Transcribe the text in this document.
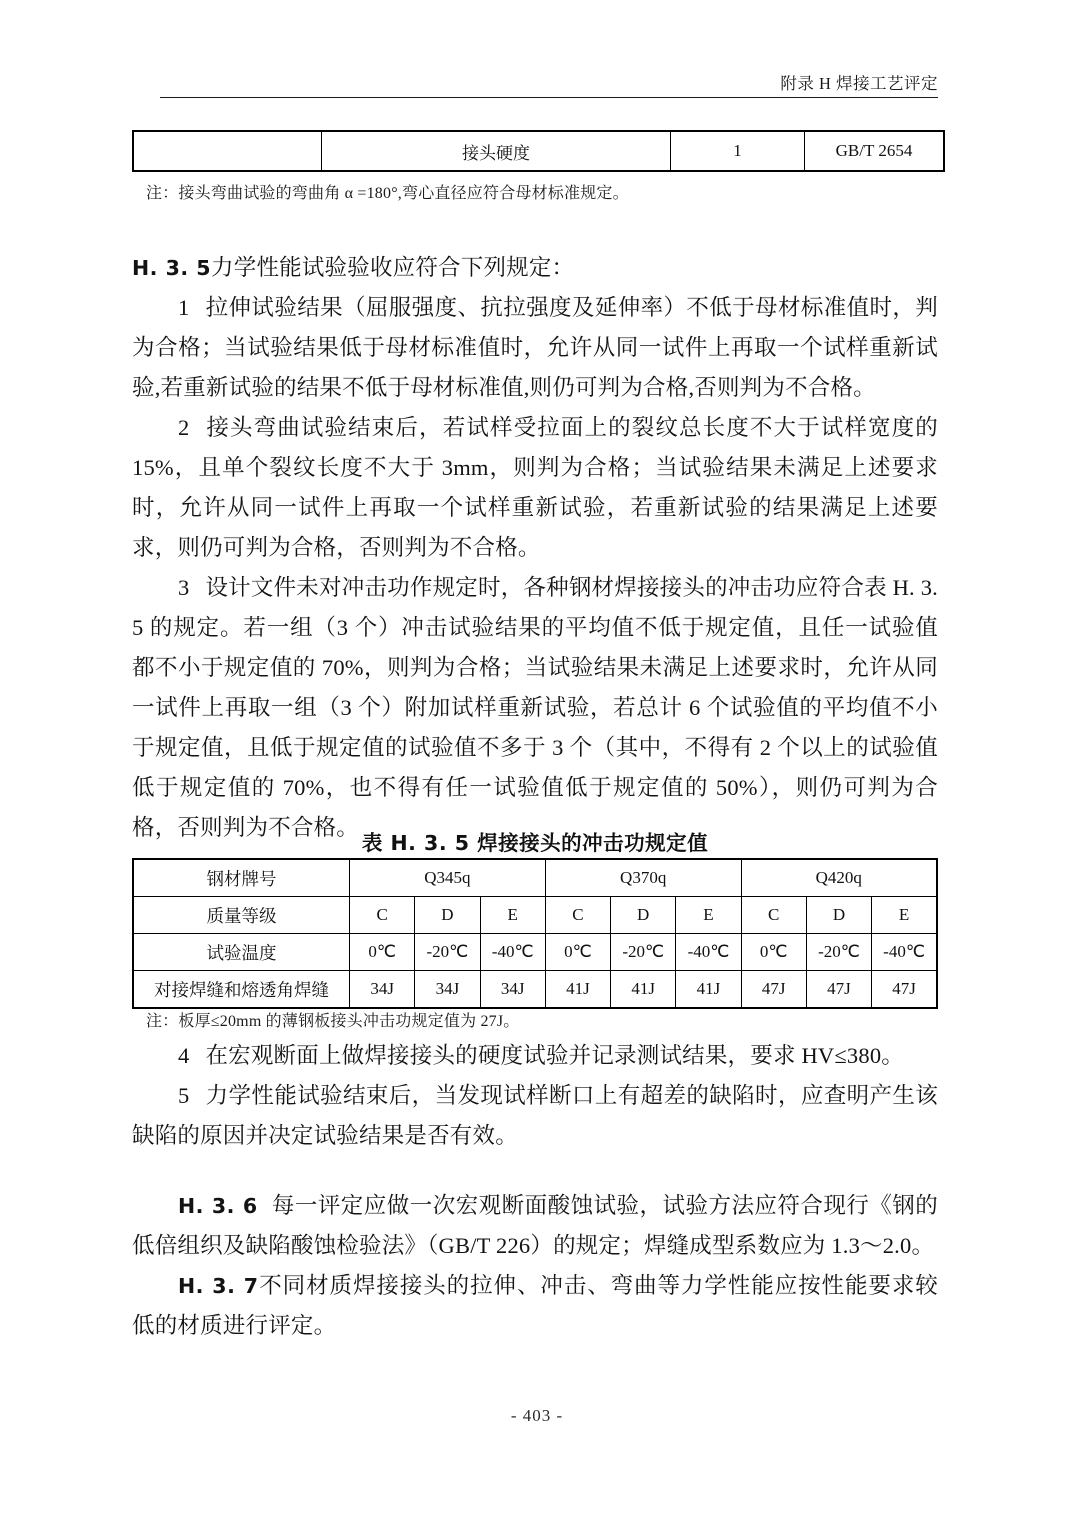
附录 H 焊接工艺评定
	接头硬度	1	GB/T 2654
注：接头弯曲试验的弯曲角 α =180°,弯心直径应符合母材标准规定。
H. 3. 5力学性能试验验收应符合下列规定：
1 拉伸试验结果（屈服强度、抗拉强度及延伸率）不低于母材标准值时，判为合格；当试验结果低于母材标准值时，允许从同一试件上再取一个试样重新试验,若重新试验的结果不低于母材标准值,则仍可判为合格,否则判为不合格。
2 接头弯曲试验结束后，若试样受拉面上的裂纹总长度不大于试样宽度的 15%，且单个裂纹长度不大于 3mm，则判为合格；当试验结果未满足上述要求时，允许从同一试件上再取一个试样重新试验，若重新试验的结果满足上述要求，则仍可判为合格，否则判为不合格。
3 设计文件未对冲击功作规定时，各种钢材焊接接头的冲击功应符合表 H. 3. 5 的规定。若一组（3 个）冲击试验结果的平均值不低于规定值，且任一试验值都不小于规定值的 70%，则判为合格；当试验结果未满足上述要求时，允许从同一试件上再取一组（3 个）附加试样重新试验，若总计 6 个试验值的平均值不小于规定值，且低于规定值的试验值不多于 3 个（其中，不得有 2 个以上的试验值低于规定值的 70%，也不得有任一试验值低于规定值的 50%），则仍可判为合格，否则判为不合格。
表 H. 3. 5 焊接接头的冲击功规定值
钢材牌号	Q345q			Q370q			Q420q		
质量等级	C	D	E	C	D	E	C	D	E
试验温度	0℃	-20℃	-40℃	0℃	-20℃	-40℃	0℃	-20℃	-40℃
对接焊缝和熔透角焊缝	34J	34J	34J	41J	41J	41J	47J	47J	47J
注：板厚≤20mm 的薄钢板接头冲击功规定值为 27J。
4 在宏观断面上做焊接接头的硬度试验并记录测试结果，要求 HV≤380。
5 力学性能试验结束后，当发现试样断口上有超差的缺陷时，应查明产生该缺陷的原因并决定试验结果是否有效。
H. 3. 6 每一评定应做一次宏观断面酸蚀试验，试验方法应符合现行《钢的低倍组织及缺陷酸蚀检验法》（GB/T 226）的规定；焊缝成型系数应为 1.3～2.0。
H. 3. 7不同材质焊接接头的拉伸、冲击、弯曲等力学性能应按性能要求较低的材质进行评定。
- 403 -
